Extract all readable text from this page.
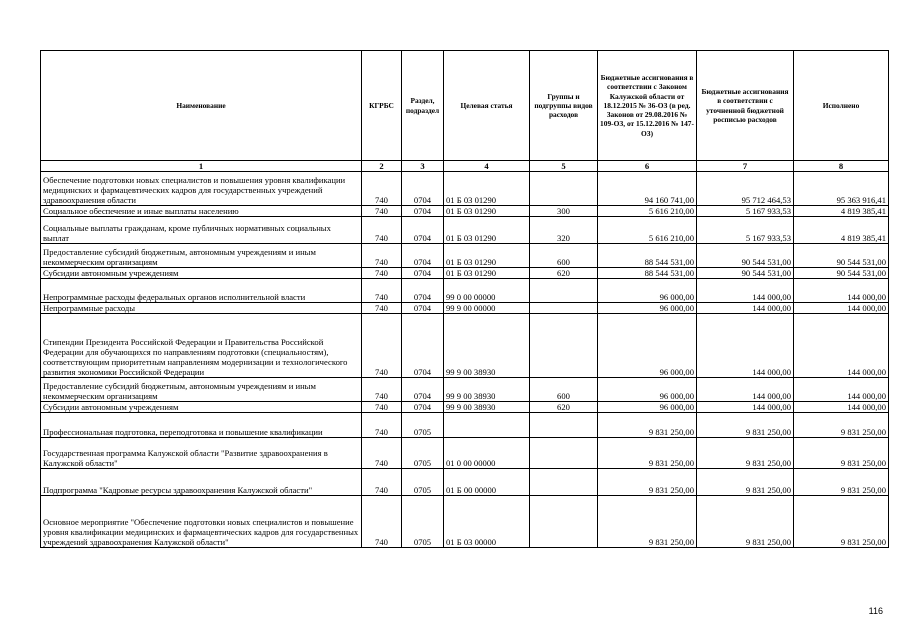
Наименование	КГРБС	Раздел, подраздел	Целевая статья	Группы и подгруппы видов расходов	Бюджетные ассигнования в соответствии с Законом Калужской области от 18.12.2015 № 36-ОЗ (в ред. Законов от 29.08.2016 № 109-ОЗ, от 15.12.2016 № 147-ОЗ)	Бюджетные ассигнования в соответствии с уточненной бюджетной росписью расходов	Исполнено
1	2	3	4	5	6	7	8
Обеспечение подготовки новых специалистов и повышения уровня квалификации медицинских и фармацевтических кадров для государственных учреждений здравоохранения области	740	0704	01 Б 03 01290		94 160 741,00	95 712 464,53	95 363 916,41
Социальное обеспечение и иные выплаты населению	740	0704	01 Б 03 01290	300	5 616 210,00	5 167 933,53	4 819 385,41
Социальные выплаты гражданам, кроме публичных нормативных социальных выплат	740	0704	01 Б 03 01290	320	5 616 210,00	5 167 933,53	4 819 385,41
Предоставление субсидий бюджетным, автономным учреждениям и иным некоммерческим организациям	740	0704	01 Б 03 01290	600	88 544 531,00	90 544 531,00	90 544 531,00
Субсидии автономным учреждениям	740	0704	01 Б 03 01290	620	88 544 531,00	90 544 531,00	90 544 531,00
Непрограммные расходы федеральных органов исполнительной власти	740	0704	99 0 00 00000		96 000,00	144 000,00	144 000,00
Непрограммные расходы	740	0704	99 9 00 00000		96 000,00	144 000,00	144 000,00
Стипендии Президента Российской Федерации и Правительства Российской Федерации для обучающихся по направлениям подготовки (специальностям), соответствующим приоритетным направлениям модернизации и технологического развития экономики Российской Федерации	740	0704	99 9 00 38930		96 000,00	144 000,00	144 000,00
Предоставление субсидий бюджетным, автономным учреждениям и иным некоммерческим организациям	740	0704	99 9 00 38930	600	96 000,00	144 000,00	144 000,00
Субсидии автономным учреждениям	740	0704	99 9 00 38930	620	96 000,00	144 000,00	144 000,00
Профессиональная подготовка, переподготовка и повышение квалификации	740	0705			9 831 250,00	9 831 250,00	9 831 250,00
Государственная программа Калужской области "Развитие здравоохранения в Калужской области"	740	0705	01 0 00 00000		9 831 250,00	9 831 250,00	9 831 250,00
Подпрограмма "Кадровые ресурсы здравоохранения Калужской области"	740	0705	01 Б 00 00000		9 831 250,00	9 831 250,00	9 831 250,00
Основное мероприятие "Обеспечение подготовки новых специалистов и повышение уровня квалификации медицинских и фармацевтических кадров для государственных учреждений здравоохранения Калужской области"	740	0705	01 Б 03 00000		9 831 250,00	9 831 250,00	9 831 250,00
116
